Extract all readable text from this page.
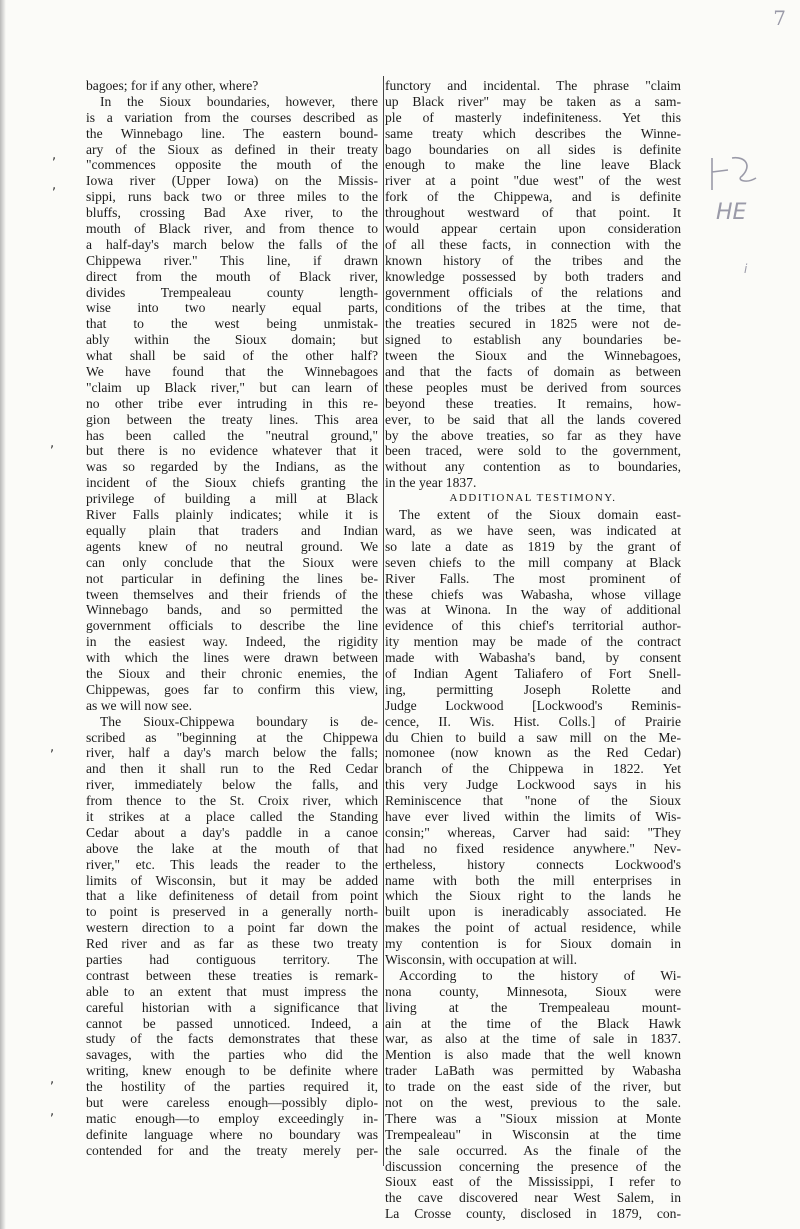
7
HE
i
,
,
,
,
,
,
bagoes; for if any other, where?
In the Sioux boundaries, however, there
is a variation from the courses described as
the Winnebago line. The eastern bound-
ary of the Sioux as defined in their treaty
"commences opposite the mouth of the
Iowa river (Upper Iowa) on the Missis-
sippi, runs back two or three miles to the
bluffs, crossing Bad Axe river, to the
mouth of Black river, and from thence to
a half-day's march below the falls of the
Chippewa river." This line, if drawn
direct from the mouth of Black river,
divides Trempealeau county length-
wise into two nearly equal parts,
that to the west being unmistak-
ably within the Sioux domain; but
what shall be said of the other half?
We have found that the Winnebagoes
"claim up Black river," but can learn of
no other tribe ever intruding in this re-
gion between the treaty lines. This area
has been called the "neutral ground,"
but there is no evidence whatever that it
was so regarded by the Indians, as the
incident of the Sioux chiefs granting the
privilege of building a mill at Black
River Falls plainly indicates; while it is
equally plain that traders and Indian
agents knew of no neutral ground. We
can only conclude that the Sioux were
not particular in defining the lines be-
tween themselves and their friends of the
Winnebago bands, and so permitted the
government officials to describe the line
in the easiest way. Indeed, the rigidity
with which the lines were drawn between
the Sioux and their chronic enemies, the
Chippewas, goes far to confirm this view,
as we will now see.
The Sioux-Chippewa boundary is de-
scribed as "beginning at the Chippewa
river, half a day's march below the falls;
and then it shall run to the Red Cedar
river, immediately below the falls, and
from thence to the St. Croix river, which
it strikes at a place called the Standing
Cedar about a day's paddle in a canoe
above the lake at the mouth of that
river," etc. This leads the reader to the
limits of Wisconsin, but it may be added
that a like definiteness of detail from point
to point is preserved in a generally north-
western direction to a point far down the
Red river and as far as these two treaty
parties had contiguous territory. The
contrast between these treaties is remark-
able to an extent that must impress the
careful historian with a significance that
cannot be passed unnoticed. Indeed, a
study of the facts demonstrates that these
savages, with the parties who did the
writing, knew enough to be definite where
the hostility of the parties required it,
but were careless enough—possibly diplo-
matic enough—to employ exceedingly in-
definite language where no boundary was
contended for and the treaty merely per-
functory and incidental. The phrase "claim
up Black river" may be taken as a sam-
ple of masterly indefiniteness. Yet this
same treaty which describes the Winne-
bago boundaries on all sides is definite
enough to make the line leave Black
river at a point "due west" of the west
fork of the Chippewa, and is definite
throughout westward of that point. It
would appear certain upon consideration
of all these facts, in connection with the
known history of the tribes and the
knowledge possessed by both traders and
government officials of the relations and
conditions of the tribes at the time, that
the treaties secured in 1825 were not de-
signed to establish any boundaries be-
tween the Sioux and the Winnebagoes,
and that the facts of domain as between
these peoples must be derived from sources
beyond these treaties. It remains, how-
ever, to be said that all the lands covered
by the above treaties, so far as they have
been traced, were sold to the government,
without any contention as to boundaries,
in the year 1837.
ADDITIONAL TESTIMONY.
The extent of the Sioux domain east-
ward, as we have seen, was indicated at
so late a date as 1819 by the grant of
seven chiefs to the mill company at Black
River Falls. The most prominent of
these chiefs was Wabasha, whose village
was at Winona. In the way of additional
evidence of this chief's territorial author-
ity mention may be made of the contract
made with Wabasha's band, by consent
of Indian Agent Taliafero of Fort Snell-
ing, permitting Joseph Rolette and
Judge Lockwood [Lockwood's Reminis-
cence, II. Wis. Hist. Colls.] of Prairie
du Chien to build a saw mill on the Me-
nomonee (now known as the Red Cedar)
branch of the Chippewa in 1822. Yet
this very Judge Lockwood says in his
Reminiscence that "none of the Sioux
have ever lived within the limits of Wis-
consin;" whereas, Carver had said: "They
had no fixed residence anywhere." Nev-
ertheless, history connects Lockwood's
name with both the mill enterprises in
which the Sioux right to the lands he
built upon is ineradicably associated. He
makes the point of actual residence, while
my contention is for Sioux domain in
Wisconsin, with occupation at will.
According to the history of Wi-
nona county, Minnesota, Sioux were
living at the Trempealeau mount-
ain at the time of the Black Hawk
war, as also at the time of sale in 1837.
Mention is also made that the well known
trader LaBath was permitted by Wabasha
to trade on the east side of the river, but
not on the west, previous to the sale.
There was a "Sioux mission at Monte
Trempealeau" in Wisconsin at the time
the sale occurred. As the finale of the
discussion concerning the presence of the
Sioux east of the Mississippi, I refer to
the cave discovered near West Salem, in
La Crosse county, disclosed in 1879, con-
